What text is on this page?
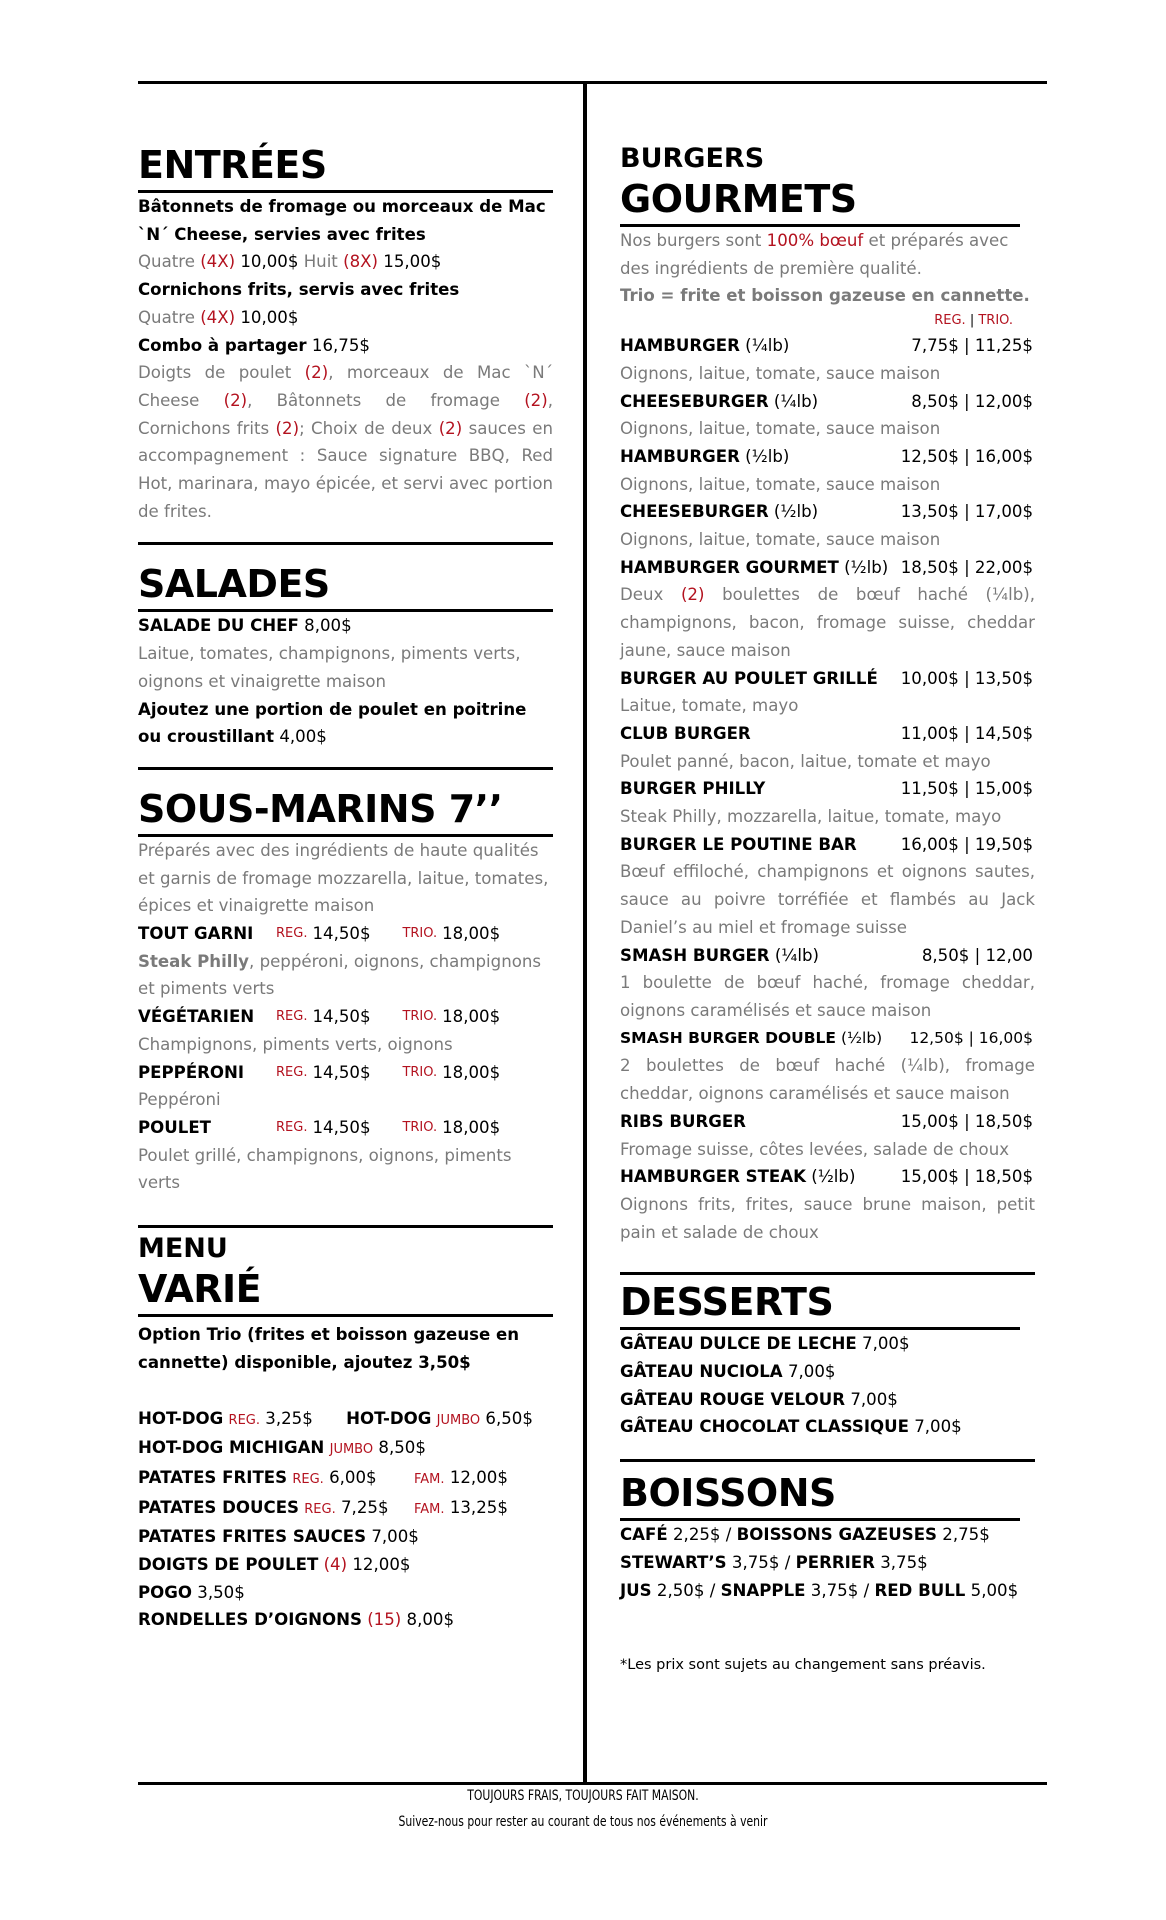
ENTRÉES
Bâtonnets de fromage ou morceaux de Mac `N´ Cheese, servies avec frites
Quatre (4X) 10,00$ Huit (8X) 15,00$
Cornichons frits, servis avec frites
Quatre (4X) 10,00$
Combo à partager 16,75$
Doigts de poulet (2), morceaux de Mac `N´ Cheese (2), Bâtonnets de fromage (2), Cornichons frits (2); Choix de deux (2) sauces en accompagnement : Sauce signature BBQ, Red Hot, marinara, mayo épicée, et servi avec portion de frites.
SALADES
SALADE DU CHEF 8,00$
Laitue, tomates, champignons, piments verts, oignons et vinaigrette maison
Ajoutez une portion de poulet en poitrine ou croustillant 4,00$
SOUS-MARINS 7’’
Préparés avec des ingrédients de haute qualités et garnis de fromage mozzarella, laitue, tomates, épices et vinaigrette maison
TOUT GARNI	REG. 14,50$	TRIO. 18,00$
Steak Philly, peppéroni, oignons, champignons et piments verts
VÉGÉTARIEN	REG. 14,50$	TRIO. 18,00$
Champignons, piments verts, oignons
PEPPÉRONI	REG. 14,50$	TRIO. 18,00$
Peppéroni
POULET	REG. 14,50$	TRIO. 18,00$
Poulet grillé, champignons, oignons, piments verts
MENU
VARIÉ
Option Trio (frites et boisson gazeuse en cannette) disponible, ajoutez 3,50$
HOT-DOG REG. 3,25$ HOT-DOG JUMBO 6,50$
HOT-DOG MICHIGAN JUMBO 8,50$
PATATES FRITES REG. 6,00$	FAM. 12,00$
PATATES DOUCES REG. 7,25$	FAM. 13,25$
PATATES FRITES SAUCES 7,00$
DOIGTS DE POULET (4) 12,00$
POGO 3,50$
RONDELLES D’OIGNONS (15) 8,00$
BURGERS
GOURMETS
Nos burgers sont 100% bœuf et préparés avec des ingrédients de première qualité.
Trio = frite et boisson gazeuse en cannette.
REG. | TRIO.
HAMBURGER (¼lb)	7,75$ | 11,25$
Oignons, laitue, tomate, sauce maison
CHEESEBURGER (¼lb)	8,50$ | 12,00$
Oignons, laitue, tomate, sauce maison
HAMBURGER (½lb)	12,50$ | 16,00$
Oignons, laitue, tomate, sauce maison
CHEESEBURGER (½lb)	13,50$ | 17,00$
Oignons, laitue, tomate, sauce maison
HAMBURGER GOURMET (½lb) 18,50$ | 22,00$
Deux (2) boulettes de bœuf haché (¼lb), champignons, bacon, fromage suisse, cheddar jaune, sauce maison
BURGER AU POULET GRILLÉ 10,00$ | 13,50$
Laitue, tomate, mayo
CLUB BURGER	11,00$ | 14,50$
Poulet panné, bacon, laitue, tomate et mayo
BURGER PHILLY	11,50$ | 15,00$
Steak Philly, mozzarella, laitue, tomate, mayo
BURGER LE POUTINE BAR	16,00$ | 19,50$
Bœuf effiloché, champignons et oignons sautes, sauce au poivre torréfiée et flambés au Jack Daniel’s au miel et fromage suisse
SMASH BURGER (¼lb)	8,50$ | 12,00
1 boulette de bœuf haché, fromage cheddar, oignons caramélisés et sauce maison
SMASH BURGER DOUBLE (½lb) 12,50$ | 16,00$
2 boulettes de bœuf haché (¼lb), fromage cheddar, oignons caramélisés et sauce maison
RIBS BURGER	15,00$ | 18,50$
Fromage suisse, côtes levées, salade de choux
HAMBURGER STEAK (½lb)	15,00$ | 18,50$
Oignons frits, frites, sauce brune maison, petit pain et salade de choux
DESSERTS
GÂTEAU DULCE DE LECHE 7,00$
GÂTEAU NUCIOLA 7,00$
GÂTEAU ROUGE VELOUR 7,00$
GÂTEAU CHOCOLAT CLASSIQUE 7,00$
BOISSONS
CAFÉ 2,25$ / BOISSONS GAZEUSES 2,75$
STEWART’S 3,75$ / PERRIER 3,75$
JUS 2,50$ / SNAPPLE 3,75$ / RED BULL 5,00$
*Les prix sont sujets au changement sans préavis.
TOUJOURS FRAIS, TOUJOURS FAIT MAISON.
Suivez-nous pour rester au courant de tous nos événements à venir
